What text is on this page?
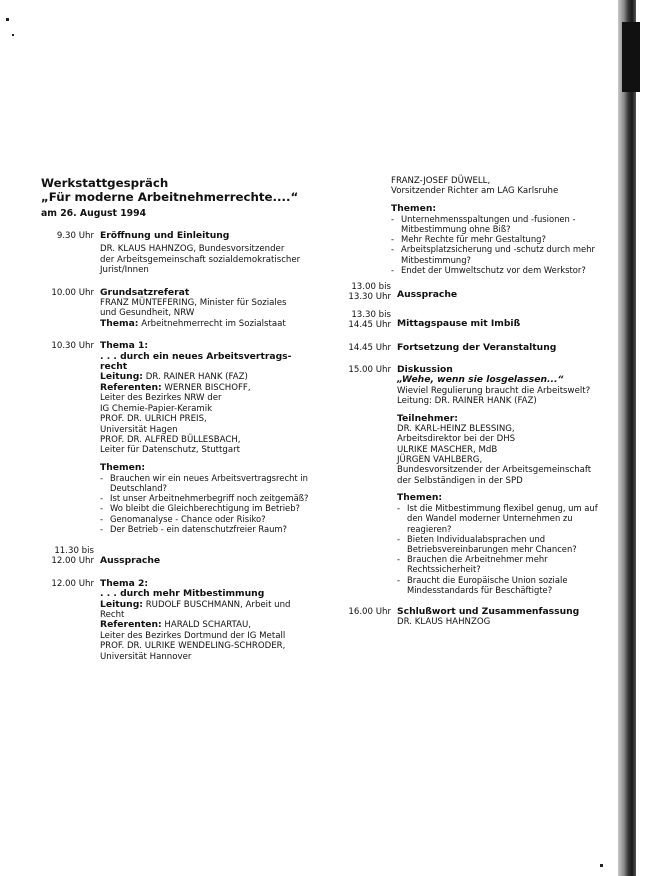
Werkstattgespräch

„Für moderne Arbeitnehmerrechte....“

am 26. August 1994
9.30 Uhr Eröffnung und Einleitung

DR. KLAUS HAHNZOG, Bundesvorsitzender

der Arbeitsgemeinschaft sozialdemokratischer

Jurist/Innen

10.00 Uhr Grundsatzreferat

FRANZ MÜNTEFERING, Minister für Soziales

und Gesundheit, NRW

Thema: Arbeitnehmerrecht im Sozialstaat

10.30 Uhr Thema 1:
. . . durch ein neues Arbeitsvertrags-
recht

Leitung: DR. RAINER HANK (FAZ)

Referenten: WERNER BISCHOFF,

Leiter des Bezirkes NRW der

IG Chemie-Papier-Keramik

PROF. DR. ULRICH PREIS,

Universität Hagen

PROF. DR. ALFRED BÜLLESBACH,

Leiter für Datenschutz, Stuttgart

Themen:
- Brauchen wir ein neues Arbeitsvertragsrecht in Deutschland?
- Ist unser Arbeitnehmerbegriff noch zeitgemäß?
- Wo bleibt die Gleichberechtigung im Betrieb?
- Genomanalyse - Chance oder Risiko?
- Der Betrieb - ein datenschutzfreier Raum?
11.30 bis
12.00 Uhr Aussprache
12.00 Uhr Thema 2:
. . . durch mehr Mitbestimmung

Leitung: RUDOLF BUSCHMANN, Arbeit und

Recht

Referenten: HARALD SCHARTAU,

Leiter des Bezirkes Dortmund der IG Metall

PROF. DR. ULRIKE WENDELING-SCHRODER,

Universität Hannover

FRANZ-JOSEF DÜWELL,

Vorsitzender Richter am LAG Karlsruhe

Themen:
- Unternehmensspaltungen und -fusionen - Mitbestimmung ohne Biß?
- Mehr Rechte für mehr Gestaltung?
- Arbeitsplatzsicherung und -schutz durch mehr Mitbestimmung?
- Endet der Umweltschutz vor dem Werkstor?
13.00 bis
13.30 Uhr Aussprache
13.30 bis
14.45 Uhr Mittagspause mit Imbiß
14.45 Uhr Fortsetzung der Veranstaltung
15.00 Uhr Diskussion
„Wehe, wenn sie losgelassen...“

Wieviel Regulierung braucht die Arbeitswelt?

Leitung: DR. RAINER HANK (FAZ)

Teilnehmer:

DR. KARL-HEINZ BLESSING,

Arbeitsdirektor bei der DHS

ULRIKE MASCHER, MdB

JÜRGEN VAHLBERG,

Bundesvorsitzender der Arbeitsgemeinschaft

der Selbständigen in der SPD

Themen:
- Ist die Mitbestimmung flexibel genug, um auf den Wandel moderner Unternehmen zu reagieren?
- Bieten Individualabsprachen und Betriebsvereinbarungen mehr Chancen?
- Brauchen die Arbeitnehmer mehr Rechtssicherheit?
- Braucht die Europäische Union soziale Mindesstandards für Beschäftigte?
16.00 Uhr Schlußwort und Zusammenfassung

DR. KLAUS HAHNZOG
